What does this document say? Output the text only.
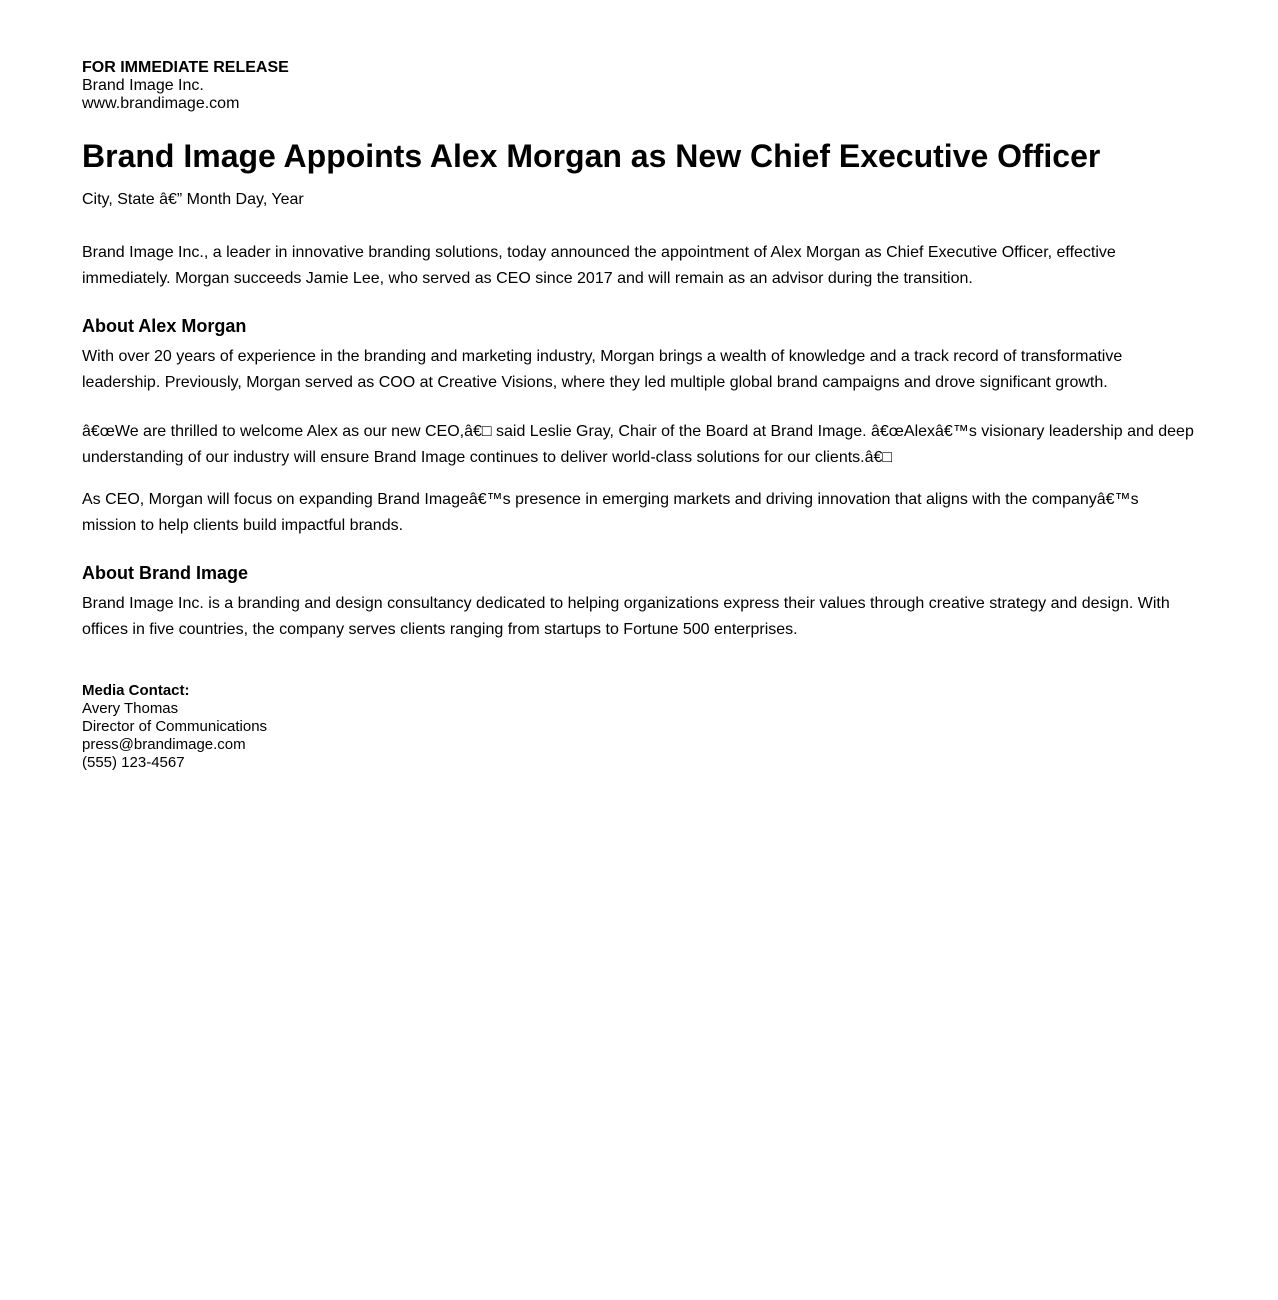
FOR IMMEDIATE RELEASE
Brand Image Inc.
www.brandimage.com
Brand Image Appoints Alex Morgan as New Chief Executive Officer
City, State â€” Month Day, Year

Brand Image Inc., a leader in innovative branding solutions, today announced the appointment of Alex Morgan as Chief Executive Officer, effective immediately. Morgan succeeds Jamie Lee, who served as CEO since 2017 and will remain as an advisor during the transition.

About Alex Morgan

With over 20 years of experience in the branding and marketing industry, Morgan brings a wealth of knowledge and a track record of transformative leadership. Previously, Morgan served as COO at Creative Visions, where they led multiple global brand campaigns and drove significant growth.

â€œWe are thrilled to welcome Alex as our new CEO,â€□ said Leslie Gray, Chair of the Board at Brand Image. â€œAlexâ€™s visionary leadership and deep understanding of our industry will ensure Brand Image continues to deliver world-class solutions for our clients.â€□

As CEO, Morgan will focus on expanding Brand Imageâ€™s presence in emerging markets and driving innovation that aligns with the companyâ€™s mission to help clients build impactful brands.

About Brand Image

Brand Image Inc. is a branding and design consultancy dedicated to helping organizations express their values through creative strategy and design. With offices in five countries, the company serves clients ranging from startups to Fortune 500 enterprises.

Media Contact:
Avery Thomas
Director of Communications
press@brandimage.com
(555) 123-4567
